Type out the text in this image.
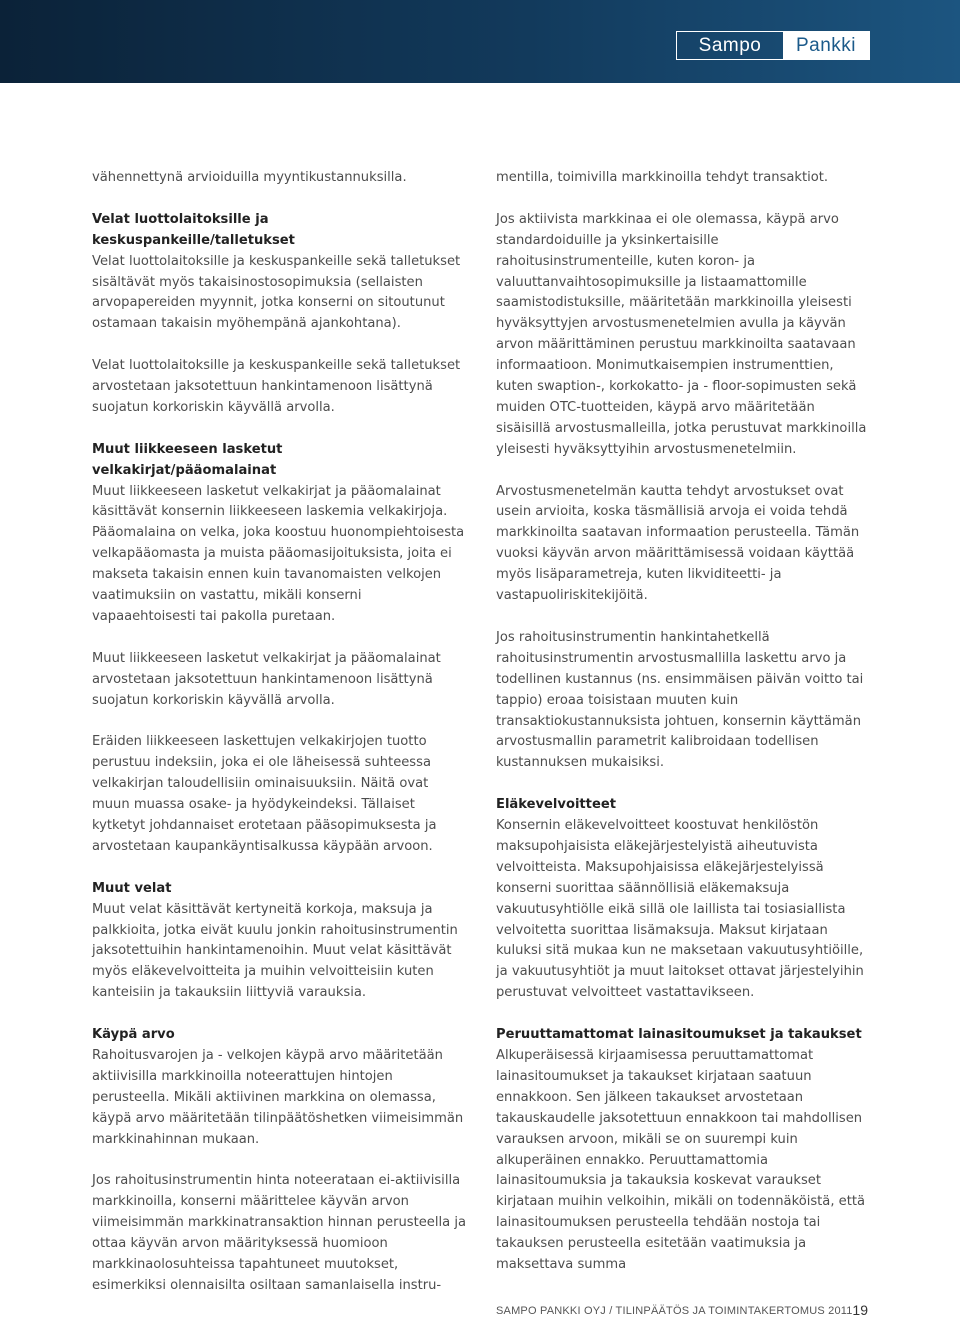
Sampo	Pankki

vähennettynä arvioiduilla myyntikustannuksilla.

Velat luottolaitoksille ja keskuspankeille/talletukset

Velat luottolaitoksille ja keskuspankeille sekä talletukset sisältävät myös takaisinostosopimuksia (sellaisten arvopapereiden myynnit, jotka konserni on sitoutunut ostamaan takaisin myöhempänä ajankohtana).

Velat luottolaitoksille ja keskuspankeille sekä talletukset arvostetaan jaksotettuun hankintamenoon lisättynä suojatun korkoriskin käyvällä arvolla.

Muut liikkeeseen lasketut velkakirjat/pääomalainat

Muut liikkeeseen lasketut velkakirjat ja pääomalainat käsittävät konsernin liikkeeseen laskemia velkakirjoja.

Pääomalaina on velka, joka koostuu huonompiehtoisesta velkapääomasta ja muista pääomasijoituksista, joita ei makseta takaisin ennen kuin tavanomaisten velkojen vaatimuksiin on vastattu, mikäli konserni vapaaehtoisesti tai pakolla puretaan.

Muut liikkeeseen lasketut velkakirjat ja pääomalainat arvostetaan jaksotettuun hankintamenoon lisättynä suojatun korkoriskin käyvällä arvolla.

Eräiden liikkeeseen laskettujen velkakirjojen tuotto perustuu indeksiin, joka ei ole läheisessä suhteessa velkakirjan taloudellisiin ominaisuuksiin. Näitä ovat muun muassa osake- ja hyödykeindeksi. Tällaiset kytketyt johdannaiset erotetaan pääsopimuksesta ja arvostetaan kaupankäyntisalkussa käypään arvoon.

Muut velat

Muut velat käsittävät kertyneitä korkoja, maksuja ja palkkioita, jotka eivät kuulu jonkin rahoitusinstrumentin jaksotettuihin hankintamenoihin. Muut velat käsittävät myös eläkevelvoitteita ja muihin velvoitteisiin kuten kanteisiin ja takauksiin liittyviä varauksia.

Käypä arvo

Rahoitusvarojen ja - velkojen käypä arvo määritetään aktiivisilla markkinoilla noteerattujen hintojen perusteella. Mikäli aktiivinen markkina on olemassa, käypä arvo määritetään tilinpäätöshetken viimeisimmän markkinahinnan mukaan.

Jos rahoitusinstrumentin hinta noteerataan ei-aktiivisilla markkinoilla, konserni määrittelee käyvän arvon viimeisimmän markkinatransaktion hinnan perusteella ja ottaa käyvän arvon määrityksessä huomioon markkinaolosuhteissa tapahtuneet muutokset, esimerkiksi olennaisilta osiltaan samanlaisella instru-

mentilla, toimivilla markkinoilla tehdyt transaktiot.

Jos aktiivista markkinaa ei ole olemassa, käypä arvo standardoiduille ja yksinkertaisille rahoitusinstrumenteille, kuten koron- ja valuuttanvaihtosopimuksille ja listaamattomille saamistodistuksille, määritetään markkinoilla yleisesti hyväksyttyjen arvostusmenetelmien avulla ja käyvän arvon määrittäminen perustuu markkinoilta saatavaan informaatioon. Monimutkaisempien instrumenttien, kuten swaption-, korkokatto- ja - floor-sopimusten sekä muiden OTC-tuotteiden, käypä arvo määritetään sisäisillä arvostusmalleilla, jotka perustuvat markkinoilla yleisesti hyväksyttyihin arvostusmenetelmiin.

Arvostusmenetelmän kautta tehdyt arvostukset ovat usein arvioita, koska täsmällisiä arvoja ei voida tehdä markkinoilta saatavan informaation perusteella. Tämän vuoksi käyvän arvon määrittämisessä voidaan käyttää myös lisäparametreja, kuten likviditeetti- ja vastapuoliriskitekijöitä.

Jos rahoitusinstrumentin hankintahetkellä rahoitusinstrumentin arvostusmallilla laskettu arvo ja todellinen kustannus (ns. ensimmäisen päivän voitto tai tappio) eroaa toisistaan muuten kuin transaktiokustannuksista johtuen, konsernin käyttämän arvostusmallin parametrit kalibroidaan todellisen kustannuksen mukaisiksi.

Eläkevelvoitteet

Konsernin eläkevelvoitteet koostuvat henkilöstön maksupohjaisista eläkejärjestelyistä aiheutuvista velvoitteista. Maksupohjaisissa eläkejärjestelyissä konserni suorittaa säännöllisiä eläkemaksuja vakuutusyhtiölle eikä sillä ole laillista tai tosiasiallista velvoitetta suorittaa lisämaksuja. Maksut kirjataan kuluksi sitä mukaa kun ne maksetaan vakuutusyhtiöille, ja vakuutusyhtiöt ja muut laitokset ottavat järjestelyihin perustuvat velvoitteet vastattavikseen.

Peruuttamattomat lainasitoumukset ja takaukset

Alkuperäisessä kirjaamisessa peruuttamattomat lainasitoumukset ja takaukset kirjataan saatuun ennakkoon. Sen jälkeen takaukset arvostetaan takauskaudelle jaksotettuun ennakkoon tai mahdollisen varauksen arvoon, mikäli se on suurempi kuin alkuperäinen ennakko. Peruuttamattomia lainasitoumuksia ja takauksia koskevat varaukset kirjataan muihin velkoihin, mikäli on todennäköistä, että lainasitoumuksen perusteella tehdään nostoja tai takauksen perusteella esitetään vaatimuksia ja maksettava summa

SAMPO PANKKI OYJ / TILINPÄÄTÖS JA TOIMINTAKERTOMUS 2011 19
